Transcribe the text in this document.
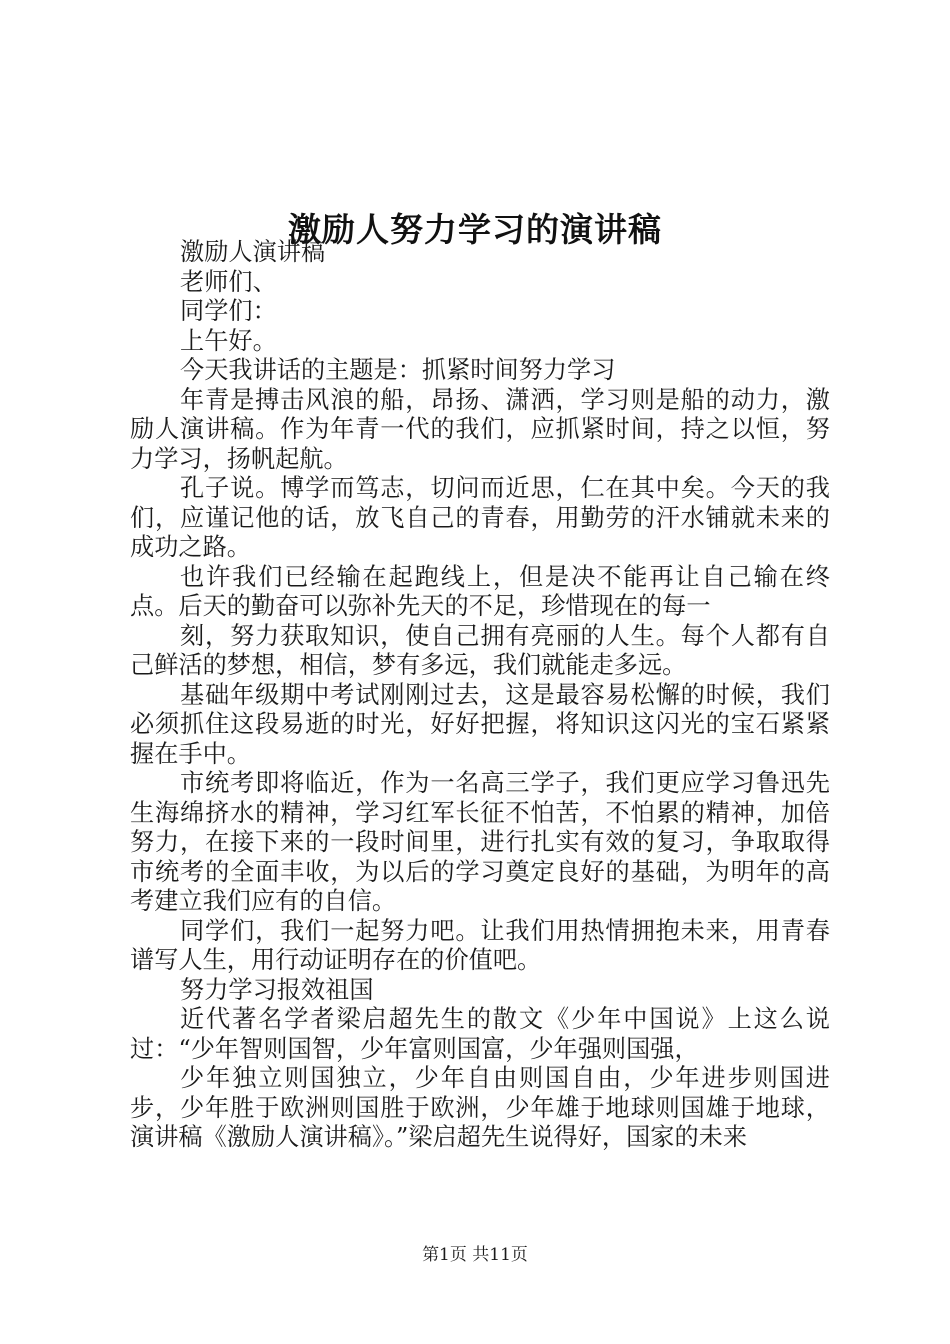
激励人努力学习的演讲稿

激励人演讲稿

老师们、

同学们：

上午好。

今天我讲话的主题是：抓紧时间努力学习

年青是搏击风浪的船，昂扬、潇洒，学习则是船的动力，激励人演讲稿。作为年青一代的我们，应抓紧时间，持之以恒，努力学习，扬帆起航。

孔子说。博学而笃志，切问而近思，仁在其中矣。今天的我们，应谨记他的话，放飞自己的青春，用勤劳的汗水铺就未来的成功之路。

也许我们已经输在起跑线上，但是决不能再让自己输在终点。后天的勤奋可以弥补先天的不足，珍惜现在的每一

刻，努力获取知识，使自己拥有亮丽的人生。每个人都有自己鲜活的梦想，相信，梦有多远，我们就能走多远。

基础年级期中考试刚刚过去，这是最容易松懈的时候，我们必须抓住这段易逝的时光，好好把握，将知识这闪光的宝石紧紧握在手中。

市统考即将临近，作为一名高三学子，我们更应学习鲁迅先生海绵挤水的精神，学习红军长征不怕苦，不怕累的精神，加倍努力，在接下来的一段时间里，进行扎实有效的复习，争取取得市统考的全面丰收，为以后的学习奠定良好的基础，为明年的高考建立我们应有的自信。

同学们，我们一起努力吧。让我们用热情拥抱未来，用青春谱写人生，用行动证明存在的价值吧。

努力学习报效祖国

近代著名学者梁启超先生的散文《少年中国说》上这么说过：“少年智则国智，少年富则国富，少年强则国强，

少年独立则国独立，少年自由则国自由，少年进步则国进步，少年胜于欧洲则国胜于欧洲，少年雄于地球则国雄于地球，演讲稿《激励人演讲稿》。”梁启超先生说得好，国家的未来

第1页 共11页
